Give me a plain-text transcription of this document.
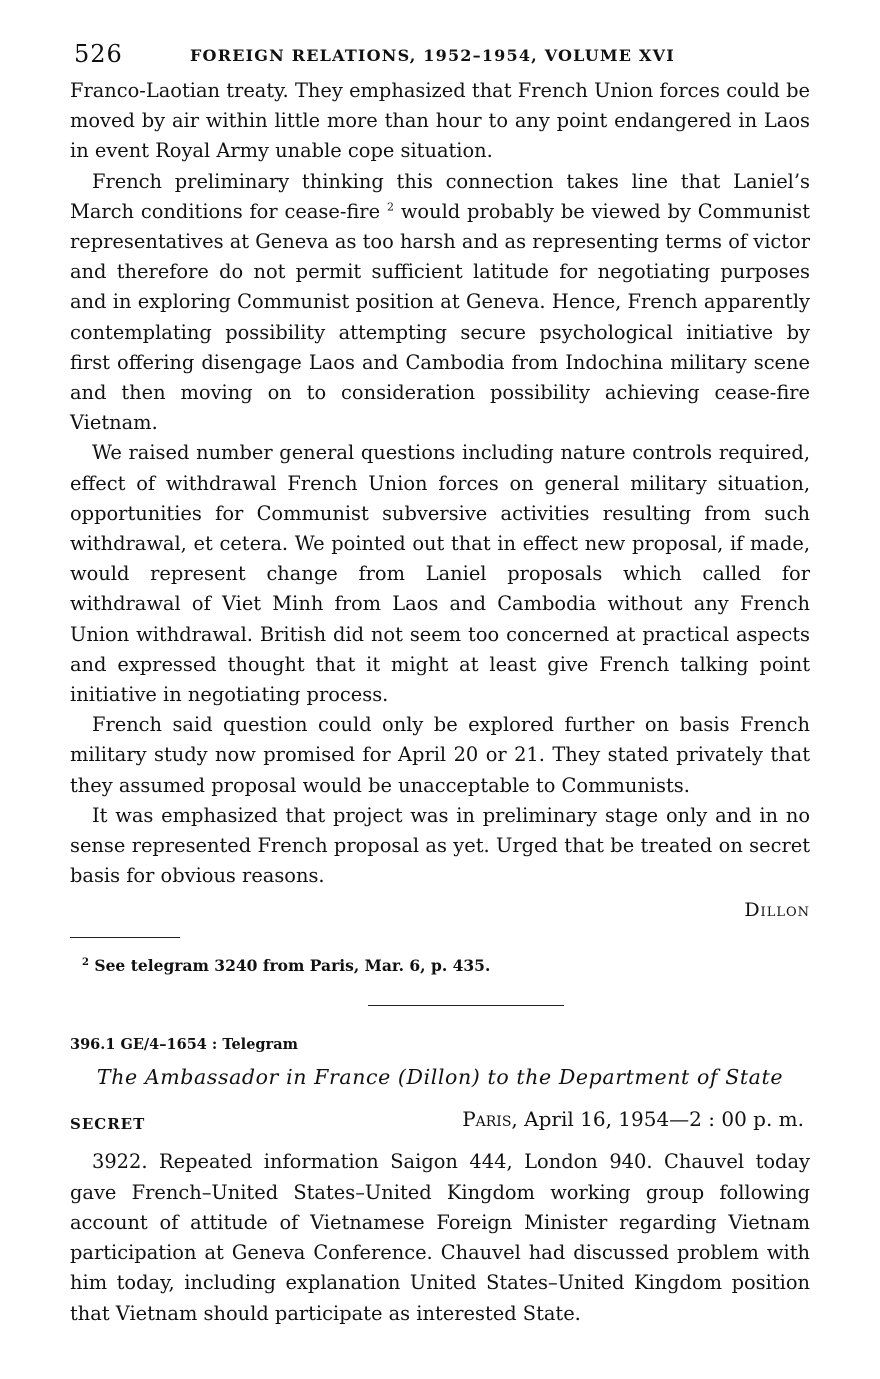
526	FOREIGN RELATIONS, 1952–1954, VOLUME XVI

Franco-Laotian treaty. They emphasized that French Union forces could be moved by air within little more than hour to any point endangered in Laos in event Royal Army unable cope situation.

French preliminary thinking this connection takes line that Laniel’s March conditions for cease-fire $^2$ would probably be viewed by Communist representatives at Geneva as too harsh and as representing terms of victor and therefore do not permit sufficient latitude for negotiating purposes and in exploring Communist position at Geneva. Hence, French apparently contemplating possibility attempting secure psychological initiative by first offering disengage Laos and Cambodia from Indochina military scene and then moving on to consideration possibility achieving cease-fire Vietnam.

We raised number general questions including nature controls required, effect of withdrawal French Union forces on general military situation, opportunities for Communist subversive activities resulting from such withdrawal, et cetera. We pointed out that in effect new proposal, if made, would represent change from Laniel proposals which called for withdrawal of Viet Minh from Laos and Cambodia without any French Union withdrawal. British did not seem too concerned at practical aspects and expressed thought that it might at least give French talking point initiative in negotiating process.

French said question could only be explored further on basis French military study now promised for April 20 or 21. They stated privately that they assumed proposal would be unacceptable to Communists.

It was emphasized that project was in preliminary stage only and in no sense represented French proposal as yet. Urged that be treated on secret basis for obvious reasons.

Dillon
$^2$ See telegram 3240 from Paris, Mar. 6, p. 435.
396.1 GE/4–1654 : Telegram
The Ambassador in France (Dillon) to the Department of State
SECRET	Paris, April 16, 1954—2 : 00 p. m.

3922. Repeated information Saigon 444, London 940. Chauvel today gave French–United States–United Kingdom working group following account of attitude of Vietnamese Foreign Minister regarding Vietnam participation at Geneva Conference. Chauvel had discussed problem with him today, including explanation United States–United Kingdom position that Vietnam should participate as interested State.
